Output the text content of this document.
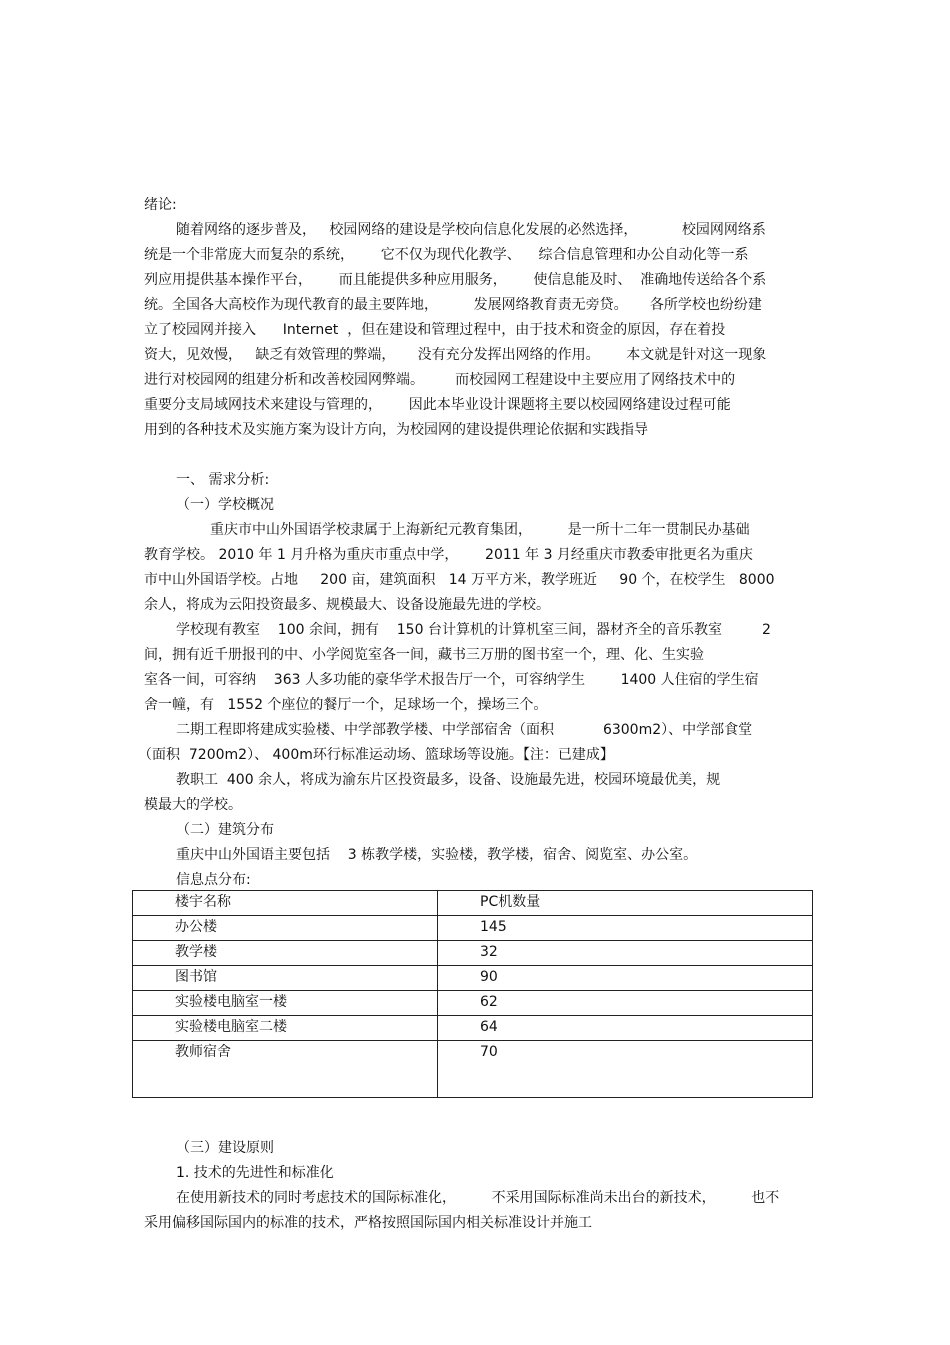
绪论:
随着网络的逐步普及，   校园网络的建设是学校向信息化发展的必然选择，          校园网网络系
统是一个非常庞大而复杂的系统，      它不仅为现代化教学、    综合信息管理和办公自动化等一系
列应用提供基本操作平台，      而且能提供多种应用服务，      使信息能及时、  准确地传送给各个系
统。全国各大高校作为现代教育的最主要阵地，        发展网络教育责无旁贷。     各所学校也纷纷建
立了校园网并接入      Internet  ，但在建设和管理过程中，由于技术和资金的原因，存在着投
资大，见效慢，   缺乏有效管理的弊端，     没有充分发挥出网络的作用。      本文就是针对这一现象
进行对校园网的组建分析和改善校园网弊端。       而校园网工程建设中主要应用了网络技术中的
重要分支局域网技术来建设与管理的，      因此本毕业设计课题将主要以校园网络建设过程可能
用到的各种技术及实施方案为设计方向，为校园网的建设提供理论依据和实践指导
一、 需求分析:
（一）学校概况
重庆市中山外国语学校隶属于上海新纪元教育集团，        是一所十二年一贯制民办基础
教育学校。 2010 年 1 月升格为重庆市重点中学，      2011 年 3 月经重庆市教委审批更名为重庆
市中山外国语学校。占地     200 亩，建筑面积   14 万平方米，教学班近     90 个，在校学生   8000
余人，将成为云阳投资最多、规模最大、设备设施最先进的学校。
学校现有教室    100 余间，拥有    150 台计算机的计算机室三间，器材齐全的音乐教室         2
间，拥有近千册报刊的中、小学阅览室各一间，藏书三万册的图书室一个，理、化、生实验
室各一间，可容纳    363 人多功能的豪华学术报告厅一个，可容纳学生        1400 人住宿的学生宿
舍一幢，有   1552 个座位的餐厅一个，足球场一个，操场三个。
二期工程即将建成实验楼、中学部教学楼、中学部宿舍（面积           6300m2）、中学部食堂
（面积  7200m2）、 400m环行标准运动场、篮球场等设施。【注：已建成】
教职工  400 余人，将成为渝东片区投资最多，设备、设施最先进，校园环境最优美，规
模最大的学校。
（二）建筑分布
重庆中山外国语主要包括    3 栋教学楼，实验楼，教学楼，宿舍、阅览室、办公室。
信息点分布:
楼宇名称	PC机数量
办公楼	145
教学楼	32
图书馆	90
实验楼电脑室一楼	62
实验楼电脑室二楼	64
教师宿舍	70
（三）建设原则
1. 技术的先进性和标准化
在使用新技术的同时考虑技术的国际标准化，        不采用国际标准尚未出台的新技术，        也不
采用偏移国际国内的标准的技术，严格按照国际国内相关标准设计并施工
